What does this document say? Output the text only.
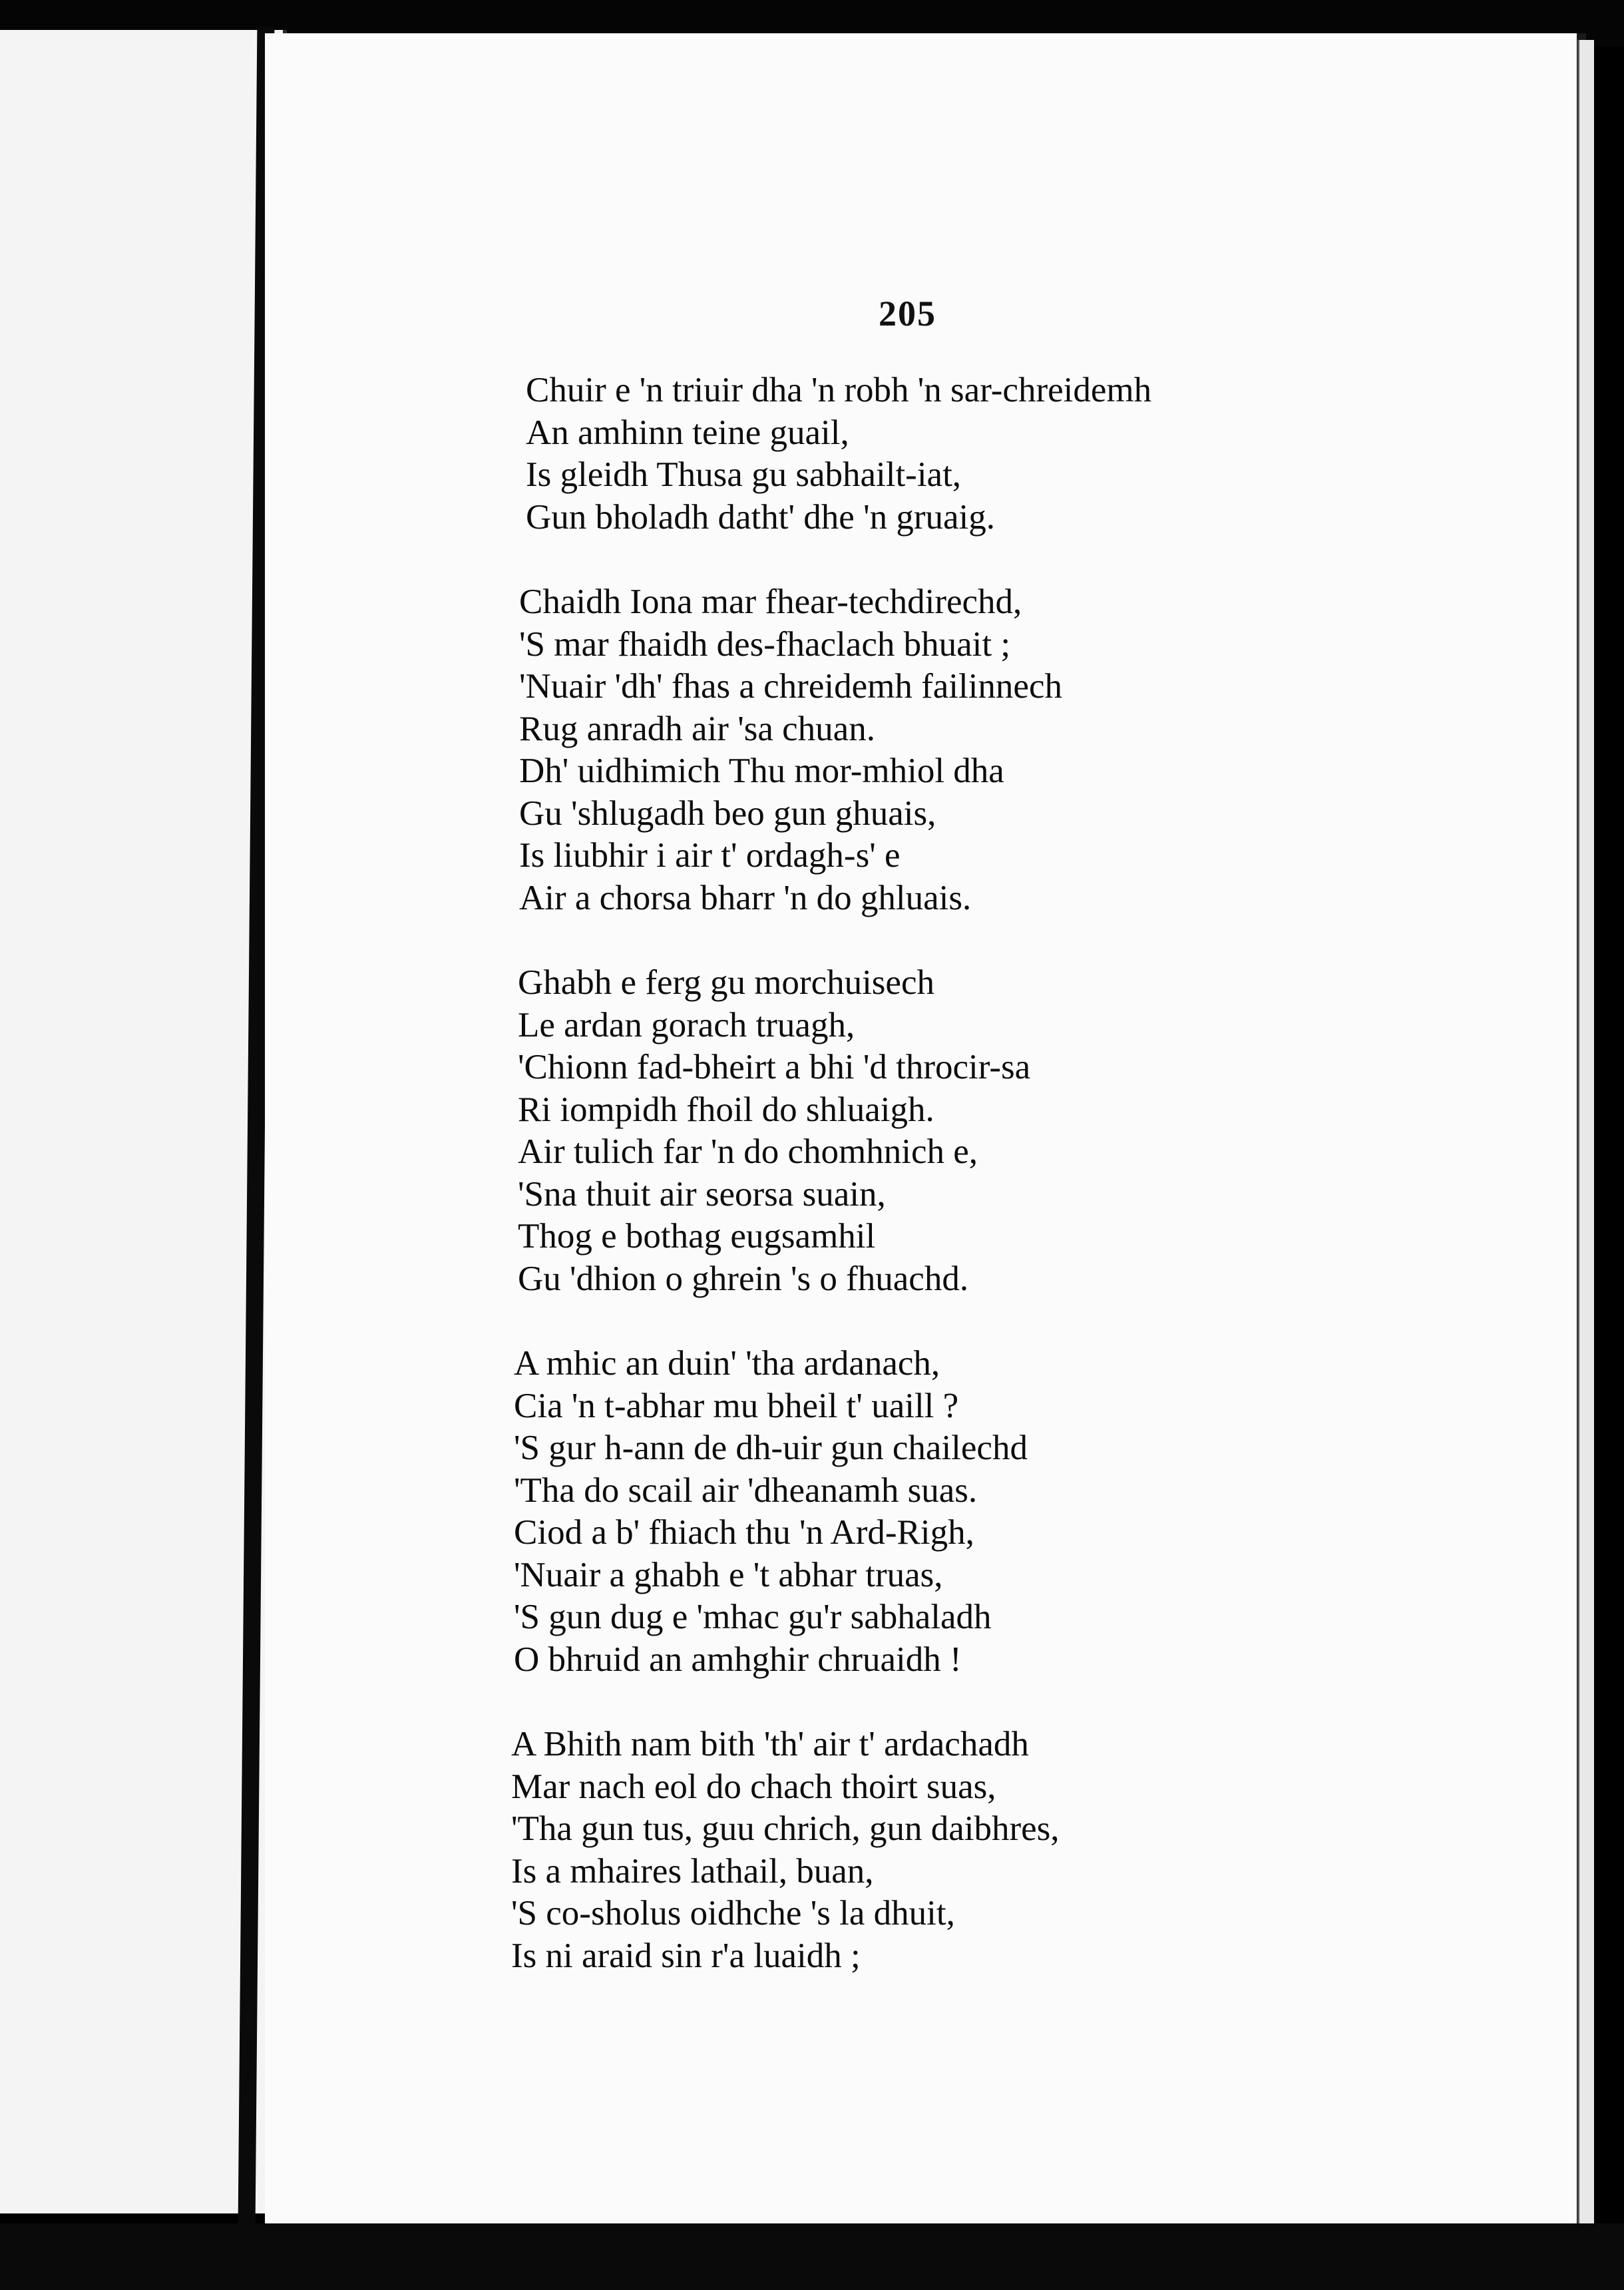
205
Chuir e 'n triuir dha 'n robh 'n sar-chreidemh
An amhinn teine guail,
Is gleidh Thusa gu sabhailt-iat,
Gun bholadh datht' dhe 'n gruaig.
Chaidh Iona mar fhear-techdirechd,
'S mar fhaidh des-fhaclach bhuait ;
'Nuair 'dh' fhas a chreidemh failinnech
Rug anradh air 'sa chuan.
Dh' uidhimich Thu mor-mhiol dha
Gu 'shlugadh beo gun ghuais,
Is liubhir i air t' ordagh-s' e
Air a chorsa bharr 'n do ghluais.
Ghabh e ferg gu morchuisech
Le ardan gorach truagh,
'Chionn fad-bheirt a bhi 'd throcir-sa
Ri iompidh fhoil do shluaigh.
Air tulich far 'n do chomhnich e,
'Sna thuit air seorsa suain,
Thog e bothag eugsamhil
Gu 'dhion o ghrein 's o fhuachd.
A mhic an duin' 'tha ardanach,
Cia 'n t-abhar mu bheil t' uaill ?
'S gur h-ann de dh-uir gun chailechd
'Tha do scail air 'dheanamh suas.
Ciod a b' fhiach thu 'n Ard-Righ,
'Nuair a ghabh e 't abhar truas,
'S gun dug e 'mhac gu'r sabhaladh
O bhruid an amhghir chruaidh !
A Bhith nam bith 'th' air t' ardachadh
Mar nach eol do chach thoirt suas,
'Tha gun tus, guu chrich, gun daibhres,
Is a mhaires lathail, buan,
'S co-sholus oidhche 's la dhuit,
Is ni araid sin r'a luaidh ;
